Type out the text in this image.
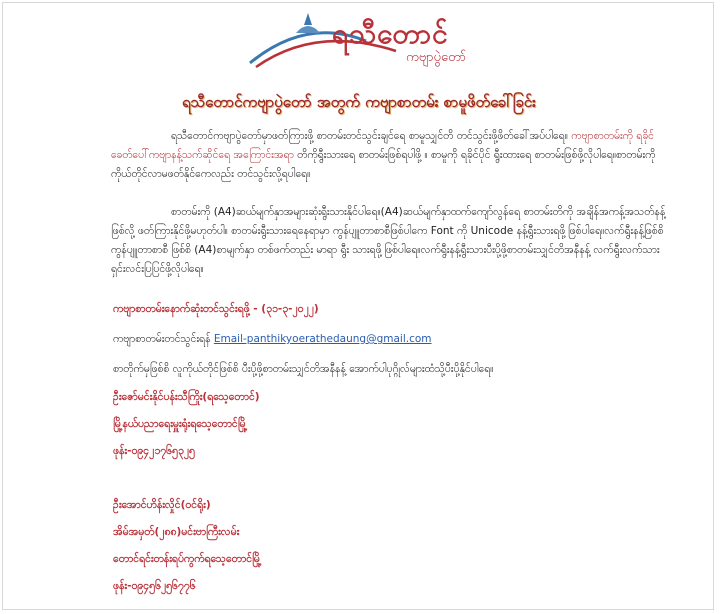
ရသီတောင်
ကဗျာပွဲတော်
ရသီတောင်ကဗျာပွဲတော် အတွက် ကဗျာစာတမ်း စာမူဖိတ်ခေါ်ခြင်း
ရသီတောင်ကဗျာပွဲတော်မှာဖတ်ကြားဖို့ စာတမ်းတင်သွင်းချင်ရေ စာမူသျှင်တိ တင်သွင်းဖို့ဖိတ်ခေါ်အပ်ပါရေ။ ကဗျာစာတမ်းကို ရခိုင်ခေတ်ပေါ်ကဗျာနန့်သက်ဆိုင်ရေ အကြောင်းအရာ တိကိုရွီးသားရေ စာတမ်းဖြစ်ရပါဖို့ ။ စာမူကို ရခိုင်ပိုင် ရွီးထားရေ စာတမ်းဖြစ်ဖို့လိုပါရေ။စာတမ်းကို ကိုယ်တိုင်လာမဖတ်နိုင်ကေလည်း တင်သွင်းလို့ရပါရေ။
စာတမ်းကို (A4)ဆယ်မျက်နှာအများဆုံးရွီးသားနိုင်ပါရေ။(A4)ဆယ်မျက်နှာထက်ကျော်လွန်ရေ စာတမ်းတိကို အချိန်အကန့်အသတ်နန့်ဖြစ်လို့ ဖတ်ကြားနိုင်ဖို့မဟုတ်ပါ။ စာတမ်းရွီးသားရေနေရာမှာ ကွန်ပျူတာစာစီဖြစ်ပါကေ Font ကို Unicode နန့်ရွီးသားရဖို့ဖြစ်ပါရေ။လက်ရွီးနန့်ဖြစ်စိ ကွန်ပျူတာစာစီ ဖြစ်စိ (A4)စာမျက်နှာ တစ်ဖက်တည်း မာရာ ရွီး သားရဖို့ဖြစ်ပါရေ။လက်ရွီးနန့်ရွီးသားပီးပို့ဖို့စာတမ်းသျှင်တိအနီနန့် လက်ရွီးလက်သား ရှင်းလင်းပြပြင်ဖို့လိုပါရေ။
ကဗျာစာတမ်းနောက်ဆုံးတင်သွင်းရဖို့ - (၃၁-၃-၂၀၂၂)
ကဗျာစာတမ်းတင်သွင်းရန် Email-panthikyoerathedaung@gmail.com
စာတိုက်မှဖြစ်စိ လူကိုယ်တိုင်ဖြစ်စိ ပီးပို့ဖို့စာတမ်းသျှင်တိအနီနန့် အောက်ပါပုဂ္ဂိုလ်များထံသို့ပီးပို့နိုင်ပါရေ။
ဦးဇော်မင်းနိုင်ပန်းသီကြိုး(ရသေ့တောင်)
မြို့နယ်ပညာရေးမှူးရုံးရသေ့တောင်မြို့
ဖုန်း-၀၉၄၂၁၇၆၅၃၂၅
ဦးအောင်ဟိန်းလှိုင်(၀င်ရိုး)
အိမ်အမှတ်(၂၈၈)မင်းဗာကြီးလမ်း
တောင်ရင်းတန်းရပ်ကွက်ရသေ့တောင်မြို့
ဖုန်း-၀၉၄၅၆၂၅၆၇၇၆
